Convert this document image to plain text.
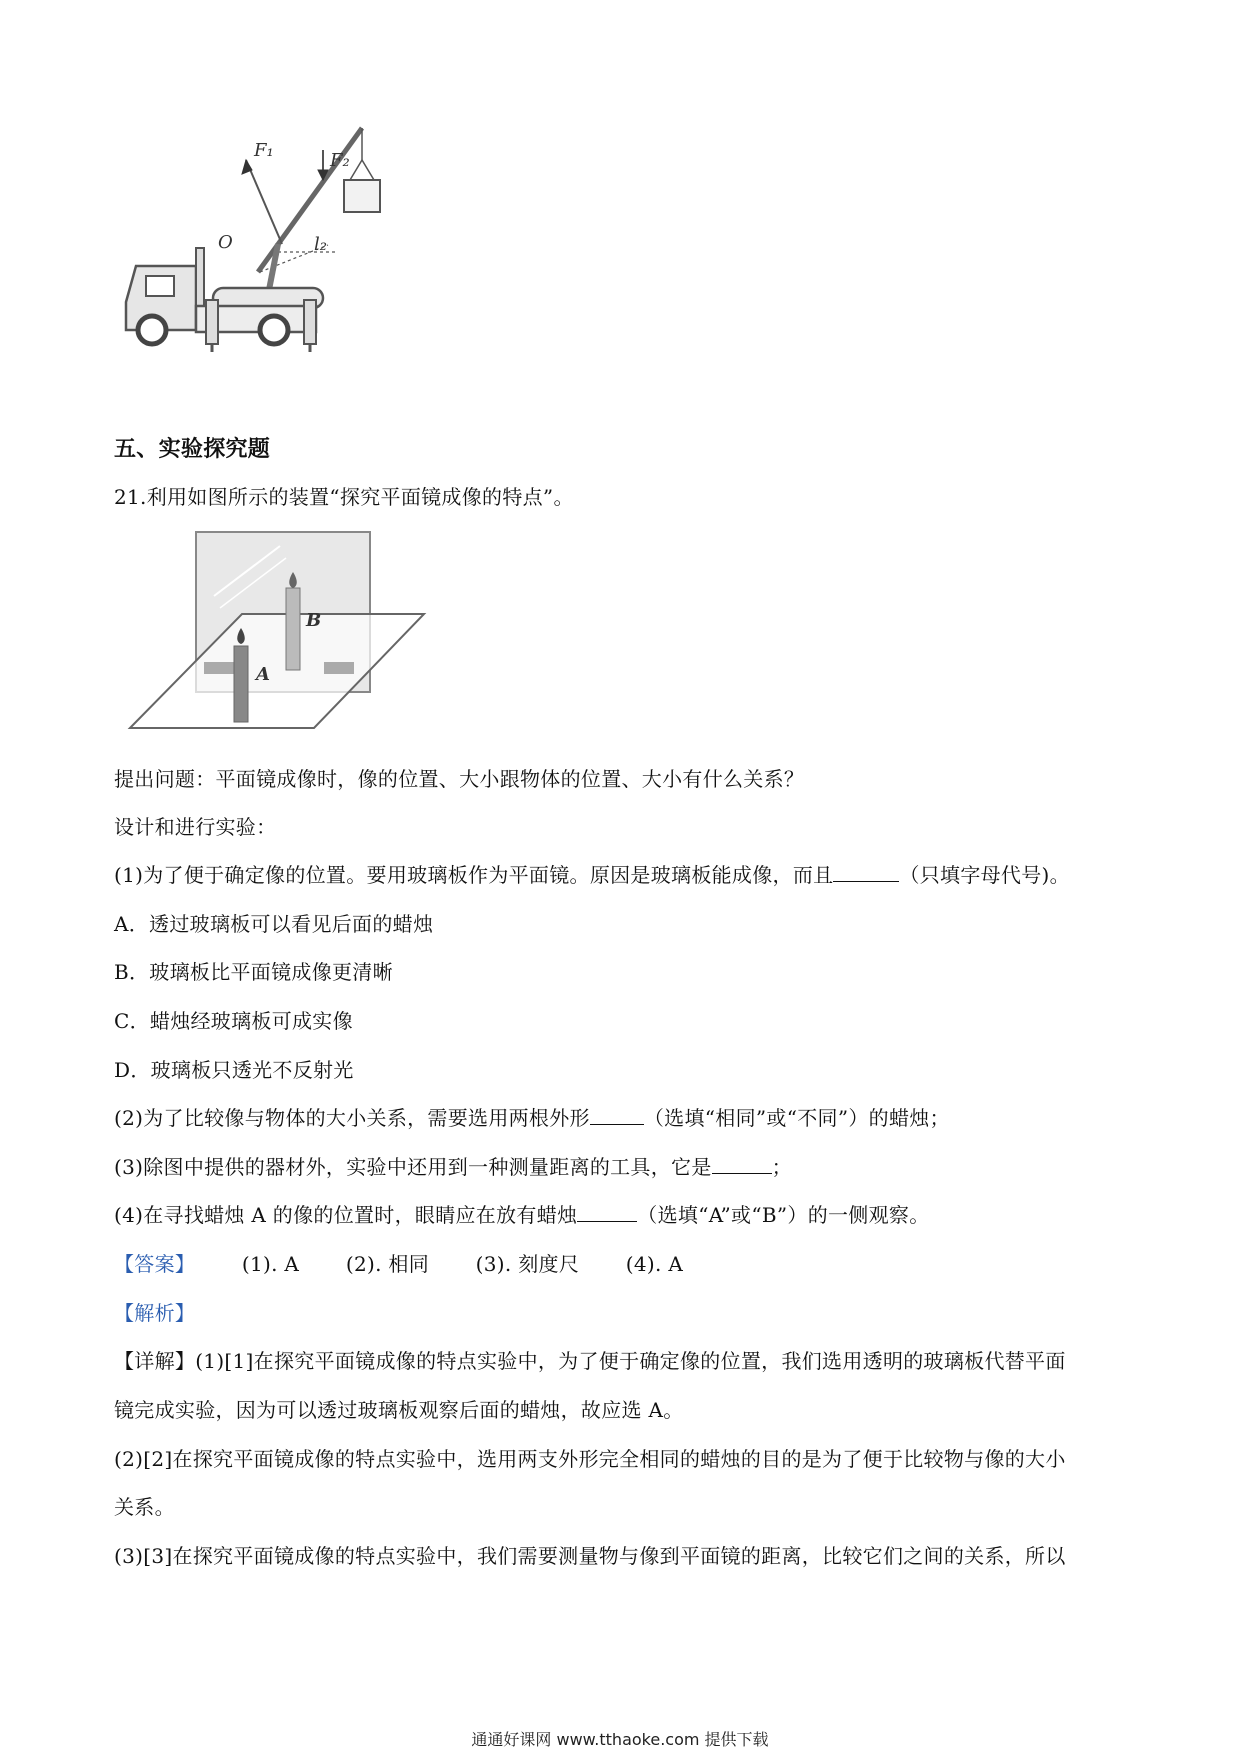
F₁	F₂
O	l₂
五、实验探究题
21.利用如图所示的装置“探究平面镜成像的特点”。
A
B
提出问题：平面镜成像时，像的位置、大小跟物体的位置、大小有什么关系？
设计和进行实验：
(1)为了便于确定像的位置。要用玻璃板作为平面镜。原因是玻璃板能成像，而且	（只填字母代号)。
A．透过玻璃板可以看见后面的蜡烛
B．玻璃板比平面镜成像更清晰
C．蜡烛经玻璃板可成实像
D．玻璃板只透光不反射光
(2)为了比较像与物体的大小关系，需要选用两根外形	（选填“相同”或“不同”）的蜡烛；
(3)除图中提供的器材外，实验中还用到一种测量距离的工具，它是	；
(4)在寻找蜡烛 A 的像的位置时，眼睛应在放有蜡烛	（选填“A”或“B”）的一侧观察。
【答案】 (1). A (2). 相同 (3). 刻度尺 (4). A
【解析】
【详解】(1)[1]在探究平面镜成像的特点实验中，为了便于确定像的位置，我们选用透明的玻璃板代替平面
镜完成实验，因为可以透过玻璃板观察后面的蜡烛，故应选 A。
(2)[2]在探究平面镜成像的特点实验中，选用两支外形完全相同的蜡烛的目的是为了便于比较物与像的大小
关系。
(3)[3]在探究平面镜成像的特点实验中，我们需要测量物与像到平面镜的距离，比较它们之间的关系，所以
通通好课网 www.tthaoke.com 提供下载
